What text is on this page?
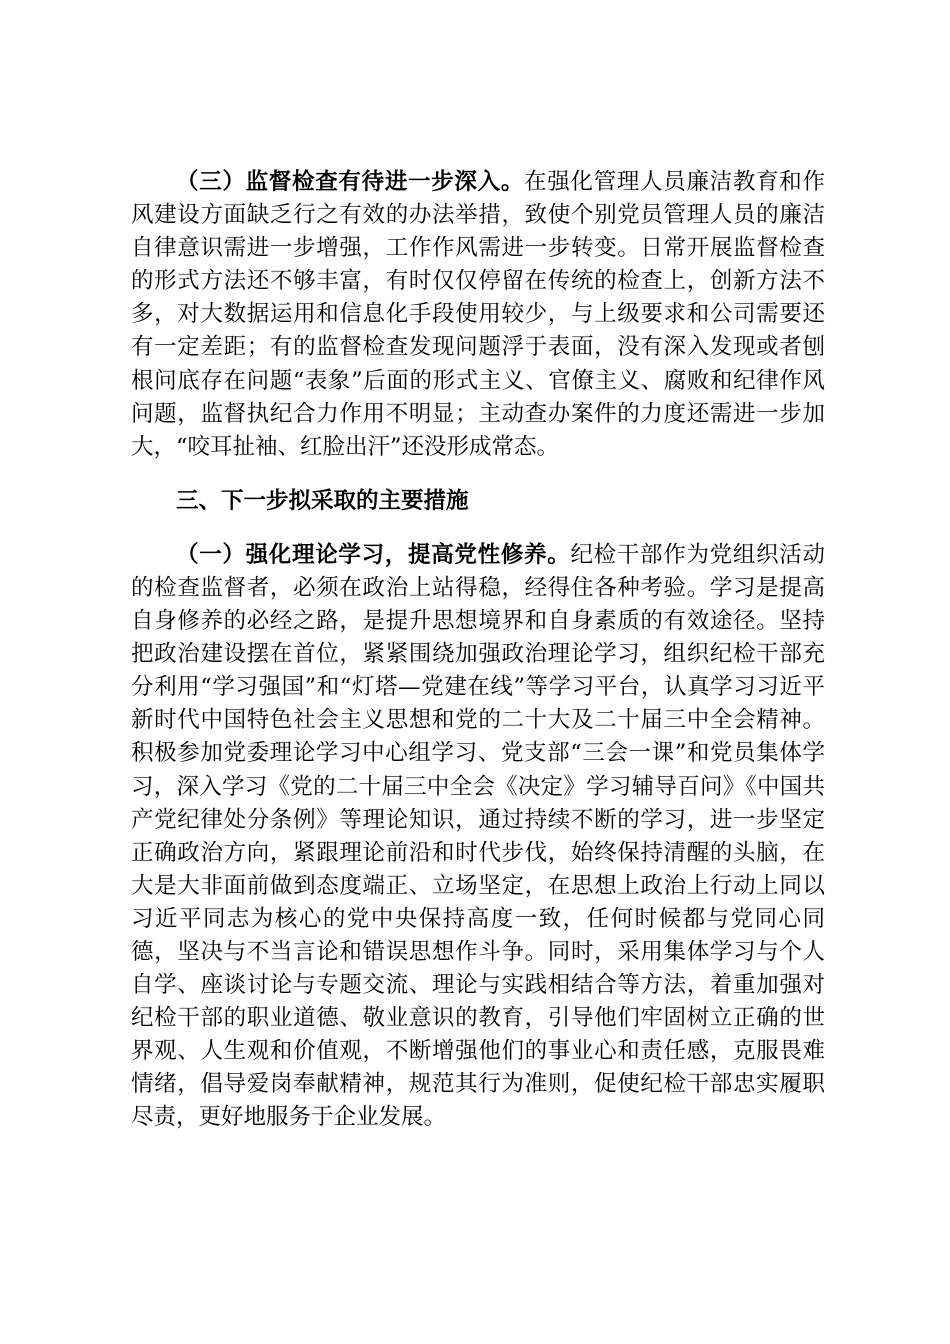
（三）监督检查有待进一步深入。在强化管理人员廉洁教育和作风建设方面缺乏行之有效的办法举措，致使个别党员管理人员的廉洁自律意识需进一步增强，工作作风需进一步转变。日常开展监督检查的形式方法还不够丰富，有时仅仅停留在传统的检查上，创新方法不多，对大数据运用和信息化手段使用较少，与上级要求和公司需要还有一定差距；有的监督检查发现问题浮于表面，没有深入发现或者刨根问底存在问题“表象”后面的形式主义、官僚主义、腐败和纪律作风问题，监督执纪合力作用不明显；主动查办案件的力度还需进一步加大，“咬耳扯袖、红脸出汗”还没形成常态。

三、下一步拟采取的主要措施

（一）强化理论学习，提高党性修养。纪检干部作为党组织活动的检查监督者，必须在政治上站得稳，经得住各种考验。学习是提高自身修养的必经之路，是提升思想境界和自身素质的有效途径。坚持把政治建设摆在首位，紧紧围绕加强政治理论学习，组织纪检干部充分利用“学习强国”和“灯塔—党建在线”等学习平台，认真学习习近平新时代中国特色社会主义思想和党的二十大及二十届三中全会精神。积极参加党委理论学习中心组学习、党支部“三会一课”和党员集体学习，深入学习《党的二十届三中全会《决定》学习辅导百问》《中国共产党纪律处分条例》等理论知识，通过持续不断的学习，进一步坚定正确政治方向，紧跟理论前沿和时代步伐，始终保持清醒的头脑，在大是大非面前做到态度端正、立场坚定，在思想上政治上行动上同以习近平同志为核心的党中央保持高度一致，任何时候都与党同心同德，坚决与不当言论和错误思想作斗争。同时，采用集体学习与个人自学、座谈讨论与专题交流、理论与实践相结合等方法，着重加强对纪检干部的职业道德、敬业意识的教育，引导他们牢固树立正确的世界观、人生观和价值观，不断增强他们的事业心和责任感，克服畏难情绪，倡导爱岗奉献精神，规范其行为准则，促使纪检干部忠实履职尽责，更好地服务于企业发展。
